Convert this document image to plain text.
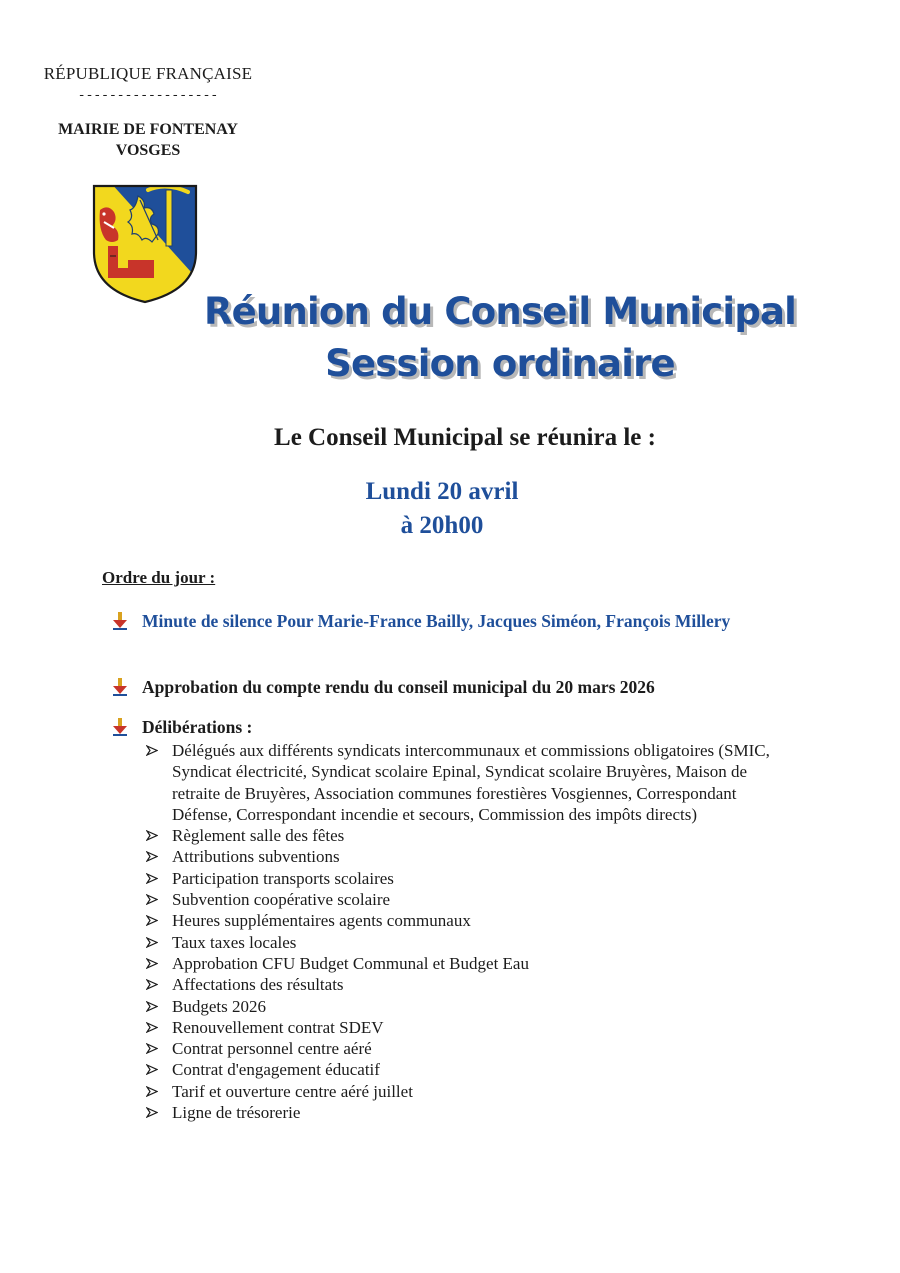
RÉPUBLIQUE FRANÇAISE
------------------
MAIRIE DE FONTENAY
VOSGES
Réunion du Conseil Municipal
Session ordinaire
Le Conseil Municipal se réunira le :
Lundi 20 avril
à 20h00
Ordre du jour :
Minute de silence Pour Marie-France Bailly, Jacques Siméon, François Millery
Approbation du compte rendu du conseil municipal du 20 mars 2026
Délibérations :
Délégués aux différents syndicats intercommunaux et commissions obligatoires (SMIC, Syndicat électricité, Syndicat scolaire Epinal, Syndicat scolaire Bruyères, Maison de retraite de Bruyères, Association communes forestières Vosgiennes, Correspondant Défense, Correspondant incendie et secours, Commission des impôts directs)
Règlement salle des fêtes
Attributions subventions
Participation transports scolaires
Subvention coopérative scolaire
Heures supplémentaires agents communaux
Taux taxes locales
Approbation CFU Budget Communal et Budget Eau
Affectations des résultats
Budgets 2026
Renouvellement contrat SDEV
Contrat personnel centre aéré
Contrat d'engagement éducatif
Tarif et ouverture centre aéré juillet
Ligne de trésorerie
